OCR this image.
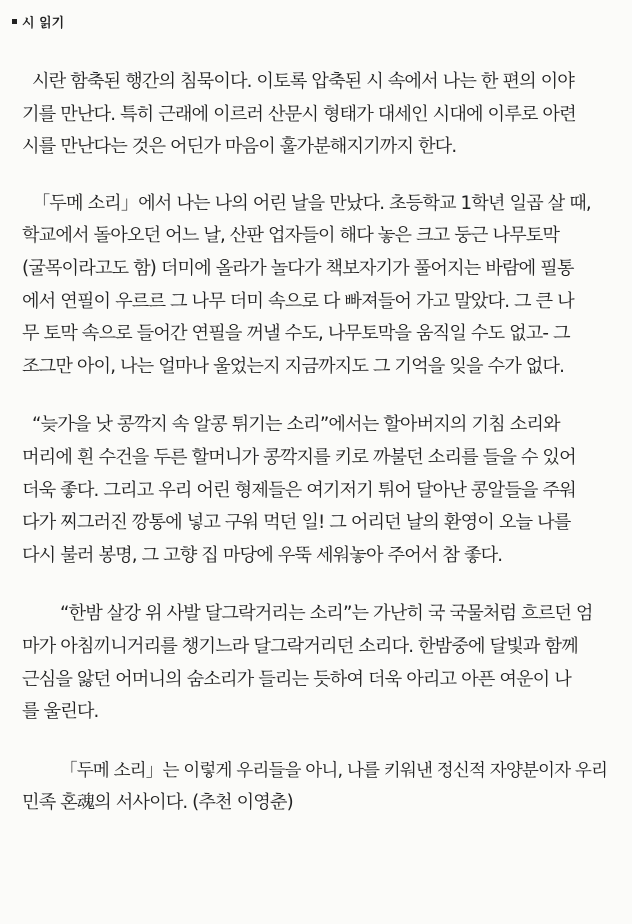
시 읽기
시란 함축된 행간의 침묵이다. 이토록 압축된 시 속에서 나는 한 편의 이야
기를 만난다. 특히 근래에 이르러 산문시 형태가 대세인 시대에 이루로 아련
시를 만난다는 것은 어딘가 마음이 훌가분해지기까지 한다.
「두메 소리」에서 나는 나의 어린 날을 만났다. 초등학교 1학년 일곱 살 때,
학교에서 돌아오던 어느 날, 산판 업자들이 해다 놓은 크고 둥근 나무토막
(굴목이라고도 함) 더미에 올라가 놀다가 책보자기가 풀어지는 바람에 필통
에서 연필이 우르르 그 나무 더미 속으로 다 빠져들어 가고 말았다. 그 큰 나
무 토막 속으로 들어간 연필을 꺼낼 수도, 나무토막을 움직일 수도 없고- 그
조그만 아이, 나는 얼마나 울었는지 지금까지도 그 기억을 잊을 수가 없다.
“늦가을 낫 콩깍지 속 알콩 튀기는 소리”에서는 할아버지의 기침 소리와
머리에 흰 수건을 두른 할머니가 콩깍지를 키로 까불던 소리를 들을 수 있어
더욱 좋다. 그리고 우리 어린 형제들은 여기저기 튀어 달아난 콩알들을 주워
다가 찌그러진 깡통에 넣고 구워 먹던 일! 그 어리던 날의 환영이 오늘 나를
다시 불러 봉명, 그 고향 집 마당에 우뚝 세워놓아 주어서 참 좋다.
“한밤 살강 위 사발 달그락거리는 소리”는 가난히 국 국물처럼 흐르던 엄
마가 아침끼니거리를 챙기느라 달그락거리던 소리다. 한밤중에 달빛과 함께
근심을 앓던 어머니의 숨소리가 들리는 듯하여 더욱 아리고 아픈 여운이 나
를 울린다.
「두메 소리」는 이렇게 우리들을 아니, 나를 키워낸 정신적 자양분이자 우리
민족 혼魂의 서사이다. (추천 이영춘)
